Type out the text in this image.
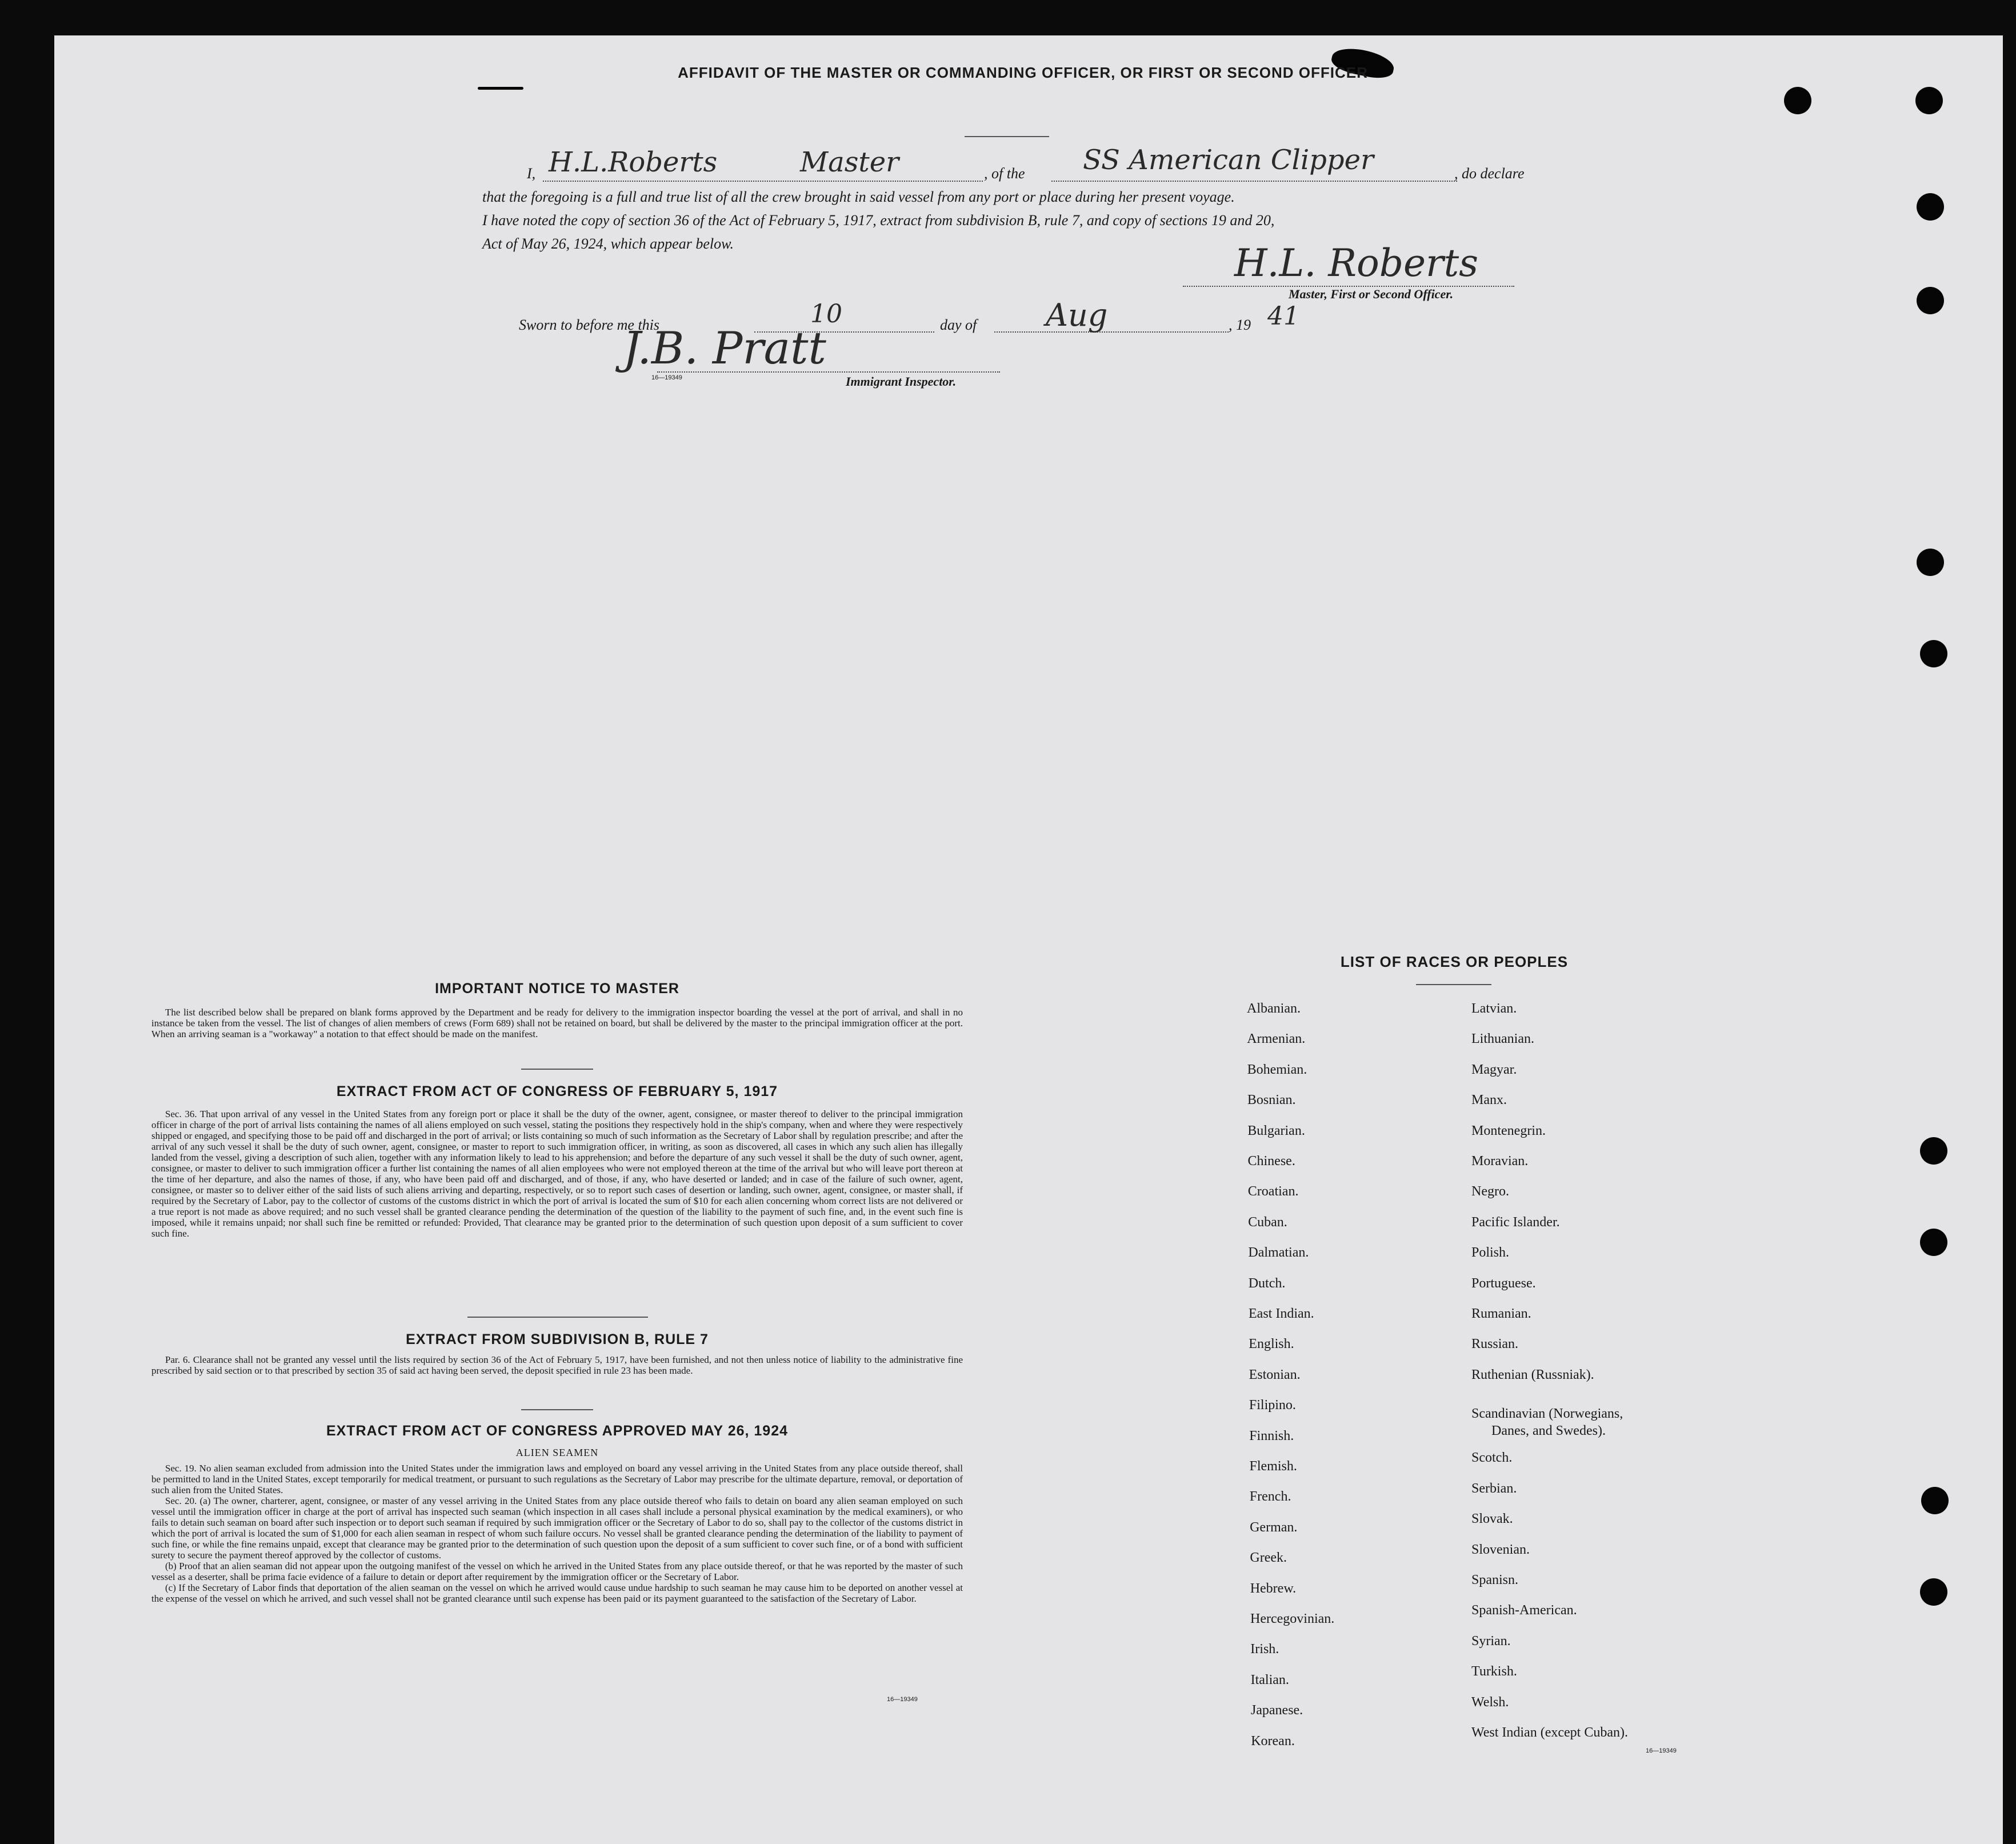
AFFIDAVIT OF THE MASTER OR COMMANDING OFFICER, OR FIRST OR SECOND OFFICER
I, H.L.Roberts	Master	, of the SS American Clipper	, do declare
that the foregoing is a full and true list of all the crew brought in said vessel from any port or place during her present voyage.
I have noted the copy of section 36 of the Act of February 5, 1917, extract from subdivision B, rule 7, and copy of sections 19 and 20,
Act of May 26, 1924, which appear below.	H.L. Roberts
Master, First or Second Officer.
Sworn to before me this	10	day of Aug	, 19 41
J.B. Pratt
16—19349	Immigrant Inspector.
IMPORTANT NOTICE TO MASTER

The list described below shall be prepared on blank forms approved by the Department and be ready for delivery to the immigration inspector boarding the vessel at the port of arrival, and shall in no instance be taken from the vessel. The list of changes of alien members of crews (Form 689) shall not be retained on board, but shall be delivered by the master to the principal immigration officer at the port. When an arriving seaman is a "workaway" a notation to that effect should be made on the manifest.

EXTRACT FROM ACT OF CONGRESS OF FEBRUARY 5, 1917

Sec. 36. That upon arrival of any vessel in the United States from any foreign port or place it shall be the duty of the owner, agent, consignee, or master thereof to deliver to the principal immigration officer in charge of the port of arrival lists containing the names of all aliens employed on such vessel, stating the positions they respectively hold in the ship's company, when and where they were respectively shipped or engaged, and specifying those to be paid off and discharged in the port of arrival; or lists containing so much of such information as the Secretary of Labor shall by regulation prescribe; and after the arrival of any such vessel it shall be the duty of such owner, agent, consignee, or master to report to such immigration officer, in writing, as soon as discovered, all cases in which any such alien has illegally landed from the vessel, giving a description of such alien, together with any information likely to lead to his apprehension; and before the departure of any such vessel it shall be the duty of such owner, agent, consignee, or master to deliver to such immigration officer a further list containing the names of all alien employees who were not employed thereon at the time of the arrival but who will leave port thereon at the time of her departure, and also the names of those, if any, who have been paid off and discharged, and of those, if any, who have deserted or landed; and in case of the failure of such owner, agent, consignee, or master so to deliver either of the said lists of such aliens arriving and departing, respectively, or so to report such cases of desertion or landing, such owner, agent, consignee, or master shall, if required by the Secretary of Labor, pay to the collector of customs of the customs district in which the port of arrival is located the sum of $10 for each alien concerning whom correct lists are not delivered or a true report is not made as above required; and no such vessel shall be granted clearance pending the determination of the question of the liability to the payment of such fine, and, in the event such fine is imposed, while it remains unpaid; nor shall such fine be remitted or refunded: Provided, That clearance may be granted prior to the determination of such question upon deposit of a sum sufficient to cover such fine.

EXTRACT FROM SUBDIVISION B, RULE 7

Par. 6. Clearance shall not be granted any vessel until the lists required by section 36 of the Act of February 5, 1917, have been furnished, and not then unless notice of liability to the administrative fine prescribed by said section or to that prescribed by section 35 of said act having been served, the deposit specified in rule 23 has been made.

EXTRACT FROM ACT OF CONGRESS APPROVED MAY 26, 1924
ALIEN SEAMEN

Sec. 19. No alien seaman excluded from admission into the United States under the immigration laws and employed on board any vessel arriving in the United States from any place outside thereof, shall be permitted to land in the United States, except temporarily for medical treatment, or pursuant to such regulations as the Secretary of Labor may prescribe for the ultimate departure, removal, or deportation of such alien from the United States.

Sec. 20. (a) The owner, charterer, agent, consignee, or master of any vessel arriving in the United States from any place outside thereof who fails to detain on board any alien seaman employed on such vessel until the immigration officer in charge at the port of arrival has inspected such seaman (which inspection in all cases shall include a personal physical examination by the medical examiners), or who fails to detain such seaman on board after such inspection or to deport such seaman if required by such immigration officer or the Secretary of Labor to do so, shall pay to the collector of the customs district in which the port of arrival is located the sum of $1,000 for each alien seaman in respect of whom such failure occurs. No vessel shall be granted clearance pending the determination of the liability to payment of such fine, or while the fine remains unpaid, except that clearance may be granted prior to the determination of such question upon the deposit of a sum sufficient to cover such fine, or of a bond with sufficient surety to secure the payment thereof approved by the collector of customs.

(b) Proof that an alien seaman did not appear upon the outgoing manifest of the vessel on which he arrived in the United States from any place outside thereof, or that he was reported by the master of such vessel as a deserter, shall be prima facie evidence of a failure to detain or deport after requirement by the immigration officer or the Secretary of Labor.

(c) If the Secretary of Labor finds that deportation of the alien seaman on the vessel on which he arrived would cause undue hardship to such seaman he may cause him to be deported on another vessel at the expense of the vessel on which he arrived, and such vessel shall not be granted clearance until such expense has been paid or its payment guaranteed to the satisfaction of the Secretary of Labor.

16—19349
LIST OF RACES OR PEOPLES
Albanian.
Armenian.
Bohemian.
Bosnian.
Bulgarian.
Chinese.
Croatian.
Cuban.
Dalmatian.
Dutch.
East Indian.
English.
Estonian.
Filipino.
Finnish.
Flemish.
French.
German.
Greek.
Hebrew.
Hercegovinian.
Irish.
Italian.
Japanese.
Korean.
Latvian.
Lithuanian.
Magyar.
Manx.
Montenegrin.
Moravian.
Negro.
Pacific Islander.
Polish.
Portuguese.
Rumanian.
Russian.
Ruthenian (Russniak).
Scandinavian (Norwegians,
Danes, and Swedes).
Scotch.
Serbian.
Slovak.
Slovenian.
Spanisn.
Spanish-American.
Syrian.
Turkish.
Welsh.
West Indian (except Cuban).
16—19349
